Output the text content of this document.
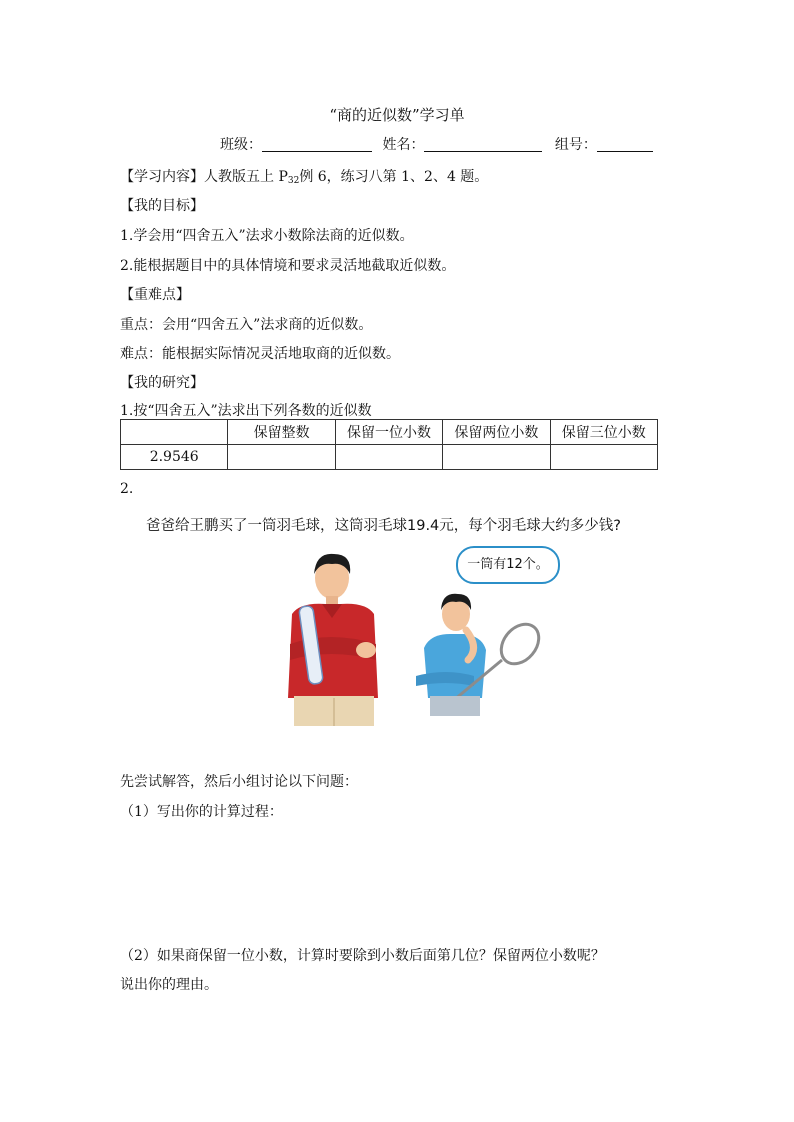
“商的近似数”学习单
班级：	姓名：	组号：
【学习内容】人教版五上 $P_{32}$例 6，练习八第 1、2、4 题。
【我的目标】
1.学会用“四舍五入”法求小数除法商的近似数。
2.能根据题目中的具体情境和要求灵活地截取近似数。
【重难点】
重点：会用“四舍五入”法求商的近似数。
难点：能根据实际情况灵活地取商的近似数。
【我的研究】
1.按“四舍五入”法求出下列各数的近似数
	保留整数	保留一位小数	保留两位小数	保留三位小数
2.9546				
2.
爸爸给王鹏买了一筒羽毛球，这筒羽毛球19.4元，每个羽毛球大约多少钱?
一筒有12个。
先尝试解答，然后小组讨论以下问题：
（1）写出你的计算过程：
（2）如果商保留一位小数，计算时要除到小数后面第几位？保留两位小数呢？
说出你的理由。
